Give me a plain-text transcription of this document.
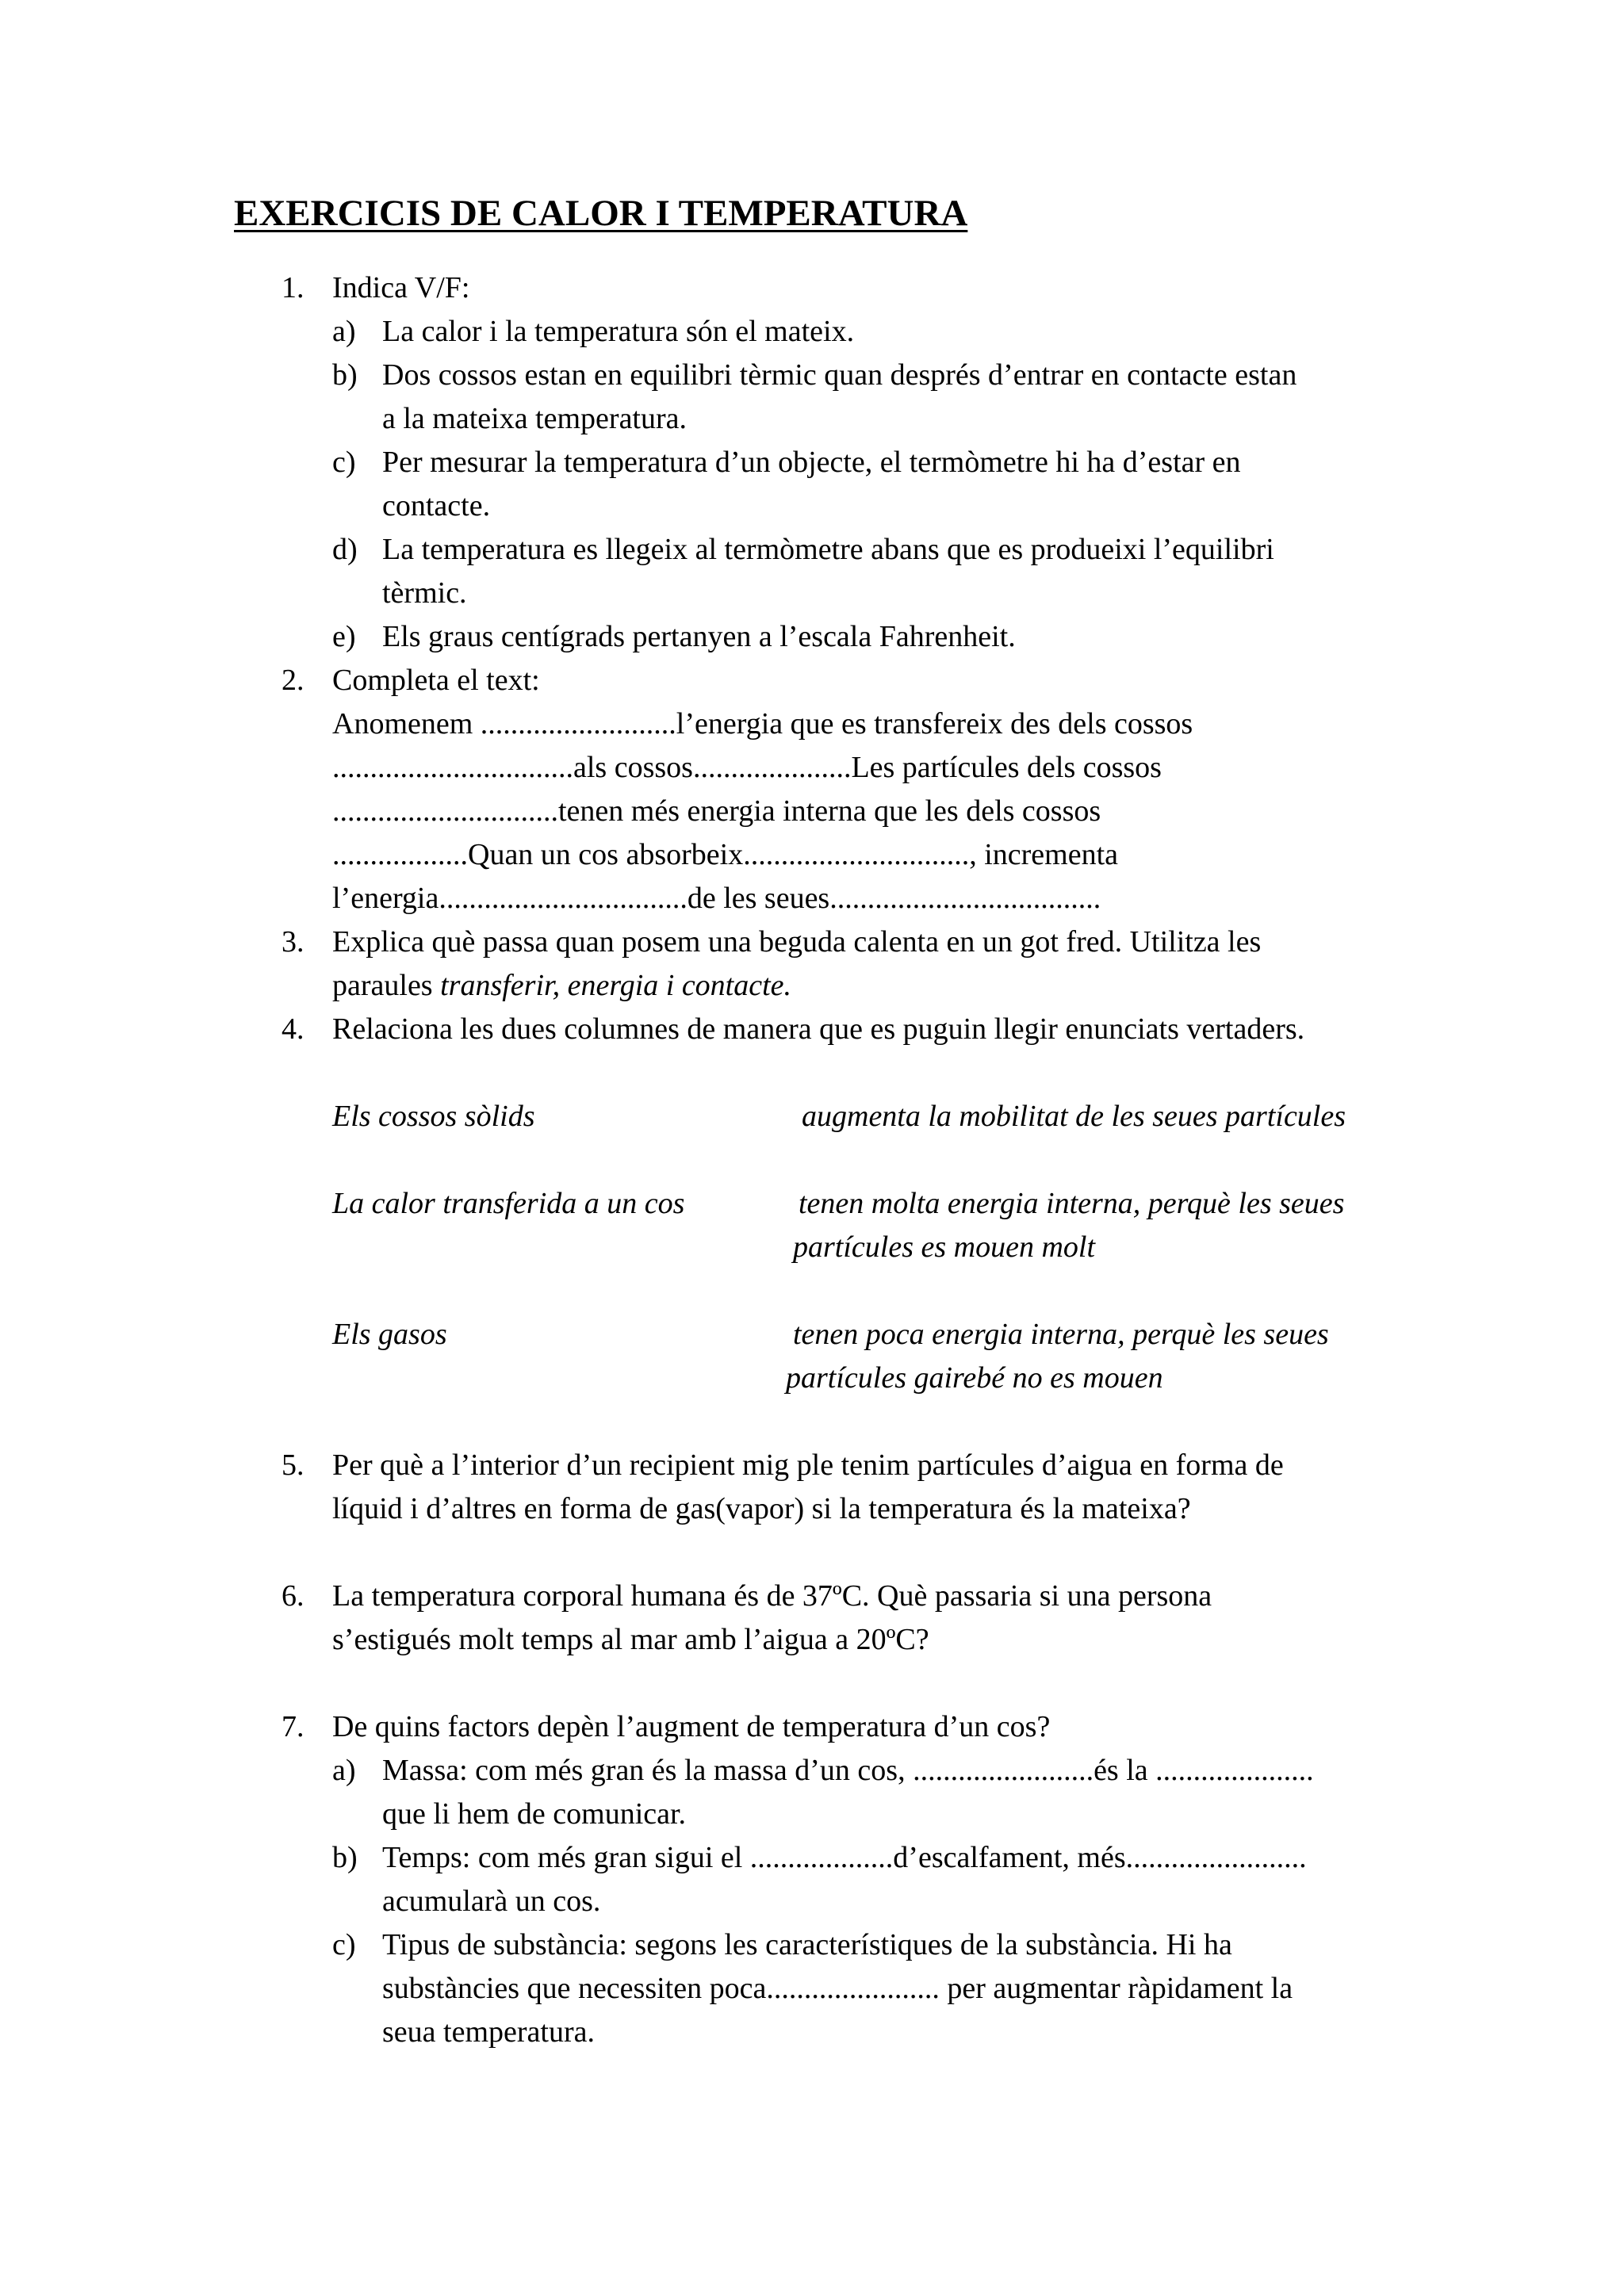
EXERCICIS DE CALOR I TEMPERATURA
1. Indica V/F:
a) La calor i la temperatura són el mateix.
b) Dos cossos estan en equilibri tèrmic quan després d’entrar en contacte estan
a la mateixa temperatura.
c) Per mesurar la temperatura d’un objecte, el termòmetre hi ha d’estar en
contacte.
d) La temperatura es llegeix al termòmetre abans que es produeixi l’equilibri
tèrmic.
e) Els graus centígrads pertanyen a l’escala Fahrenheit.
2. Completa el text:
Anomenem ..........................l’energia que es transfereix des dels cossos
................................als cossos.....................Les partícules dels cossos
..............................tenen més energia interna que les dels cossos
..................Quan un cos absorbeix.............................., incrementa
l’energia.................................de les seues....................................
3. Explica què passa quan posem una beguda calenta en un got fred. Utilitza les
paraules transferir, energia i contacte.
4. Relaciona les dues columnes de manera que es puguin llegir enunciats vertaders.
Els cossos sòlids	augmenta la mobilitat de les seues partícules
La calor transferida a un cos	tenen molta energia interna, perquè les seues
partícules es mouen molt
Els gasos	tenen poca energia interna, perquè les seues
partícules gairebé no es mouen
5. Per què a l’interior d’un recipient mig ple tenim partícules d’aigua en forma de
líquid i d’altres en forma de gas(vapor) si la temperatura és la mateixa?
6. La temperatura corporal humana és de 37ºC. Què passaria si una persona
s’estigués molt temps al mar amb l’aigua a 20ºC?
7. De quins factors depèn l’augment de temperatura d’un cos?
a) Massa: com més gran és la massa d’un cos, ........................és la .....................
que li hem de comunicar.
b) Temps: com més gran sigui el ...................d’escalfament, més........................
acumularà un cos.
c) Tipus de substància: segons les característiques de la substància. Hi ha
substàncies que necessiten poca....................... per augmentar ràpidament la
seua temperatura.
